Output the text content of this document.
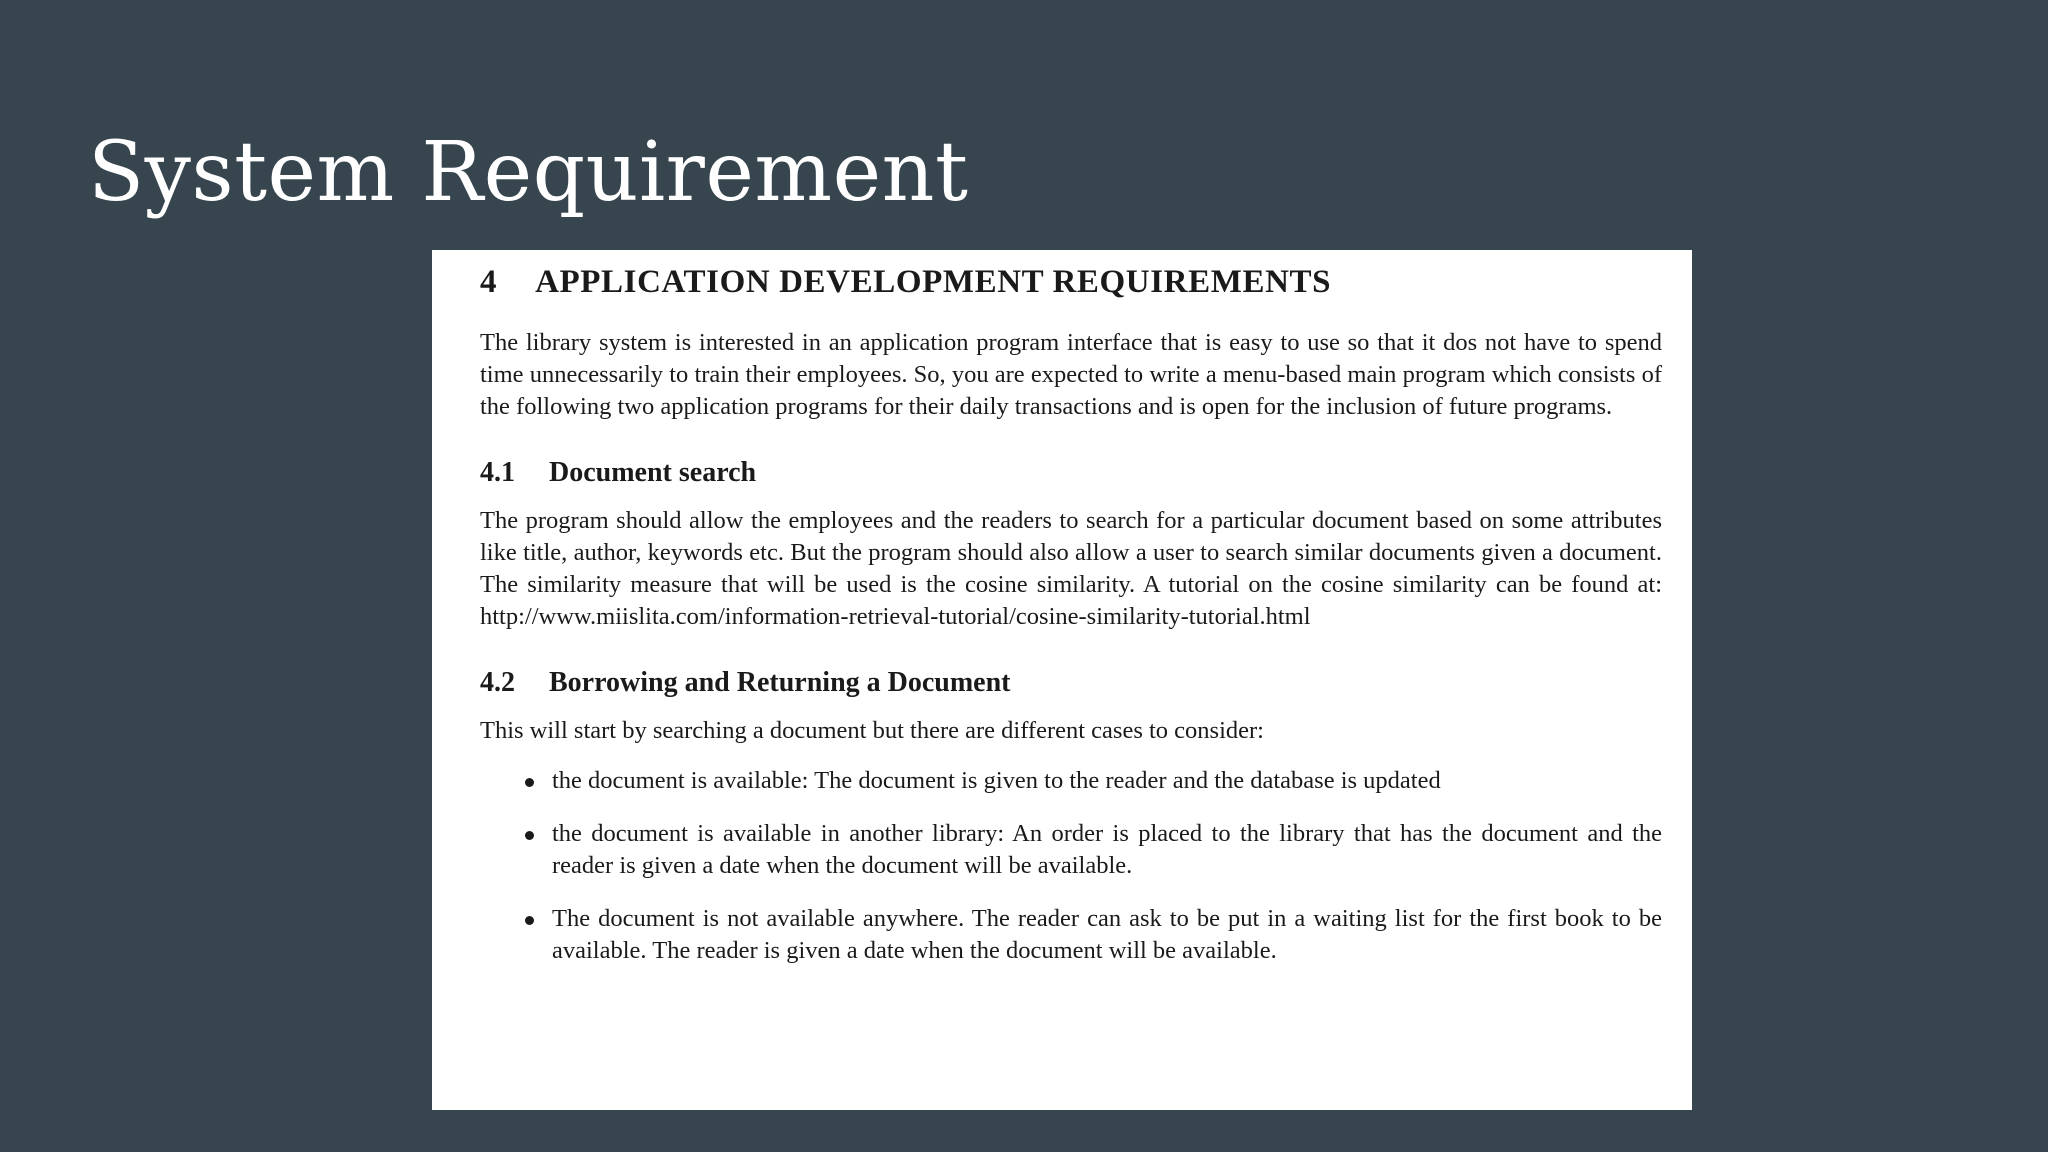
System Requirement
4 APPLICATION DEVELOPMENT REQUIREMENTS

The library system is interested in an application program interface that is easy to use so that it dos not have to spend time unnecessarily to train their employees. So, you are expected to write a menu-based main program which consists of the following two application programs for their daily transactions and is open for the inclusion of future programs.

4.1 Document search

The program should allow the employees and the readers to search for a particular document based on some attributes like title, author, keywords etc. But the program should also allow a user to search similar documents given a document. The similarity measure that will be used is the cosine similarity. A tutorial on the cosine similarity can be found at: http://www.miislita.com/information-retrieval-tutorial/cosine-similarity-tutorial.html

4.2 Borrowing and Returning a Document

This will start by searching a document but there are different cases to consider:

the document is available: The document is given to the reader and the database is updated
the document is available in another library: An order is placed to the library that has the document and the reader is given a date when the document will be available.
The document is not available anywhere. The reader can ask to be put in a waiting list for the first book to be available. The reader is given a date when the document will be available.
